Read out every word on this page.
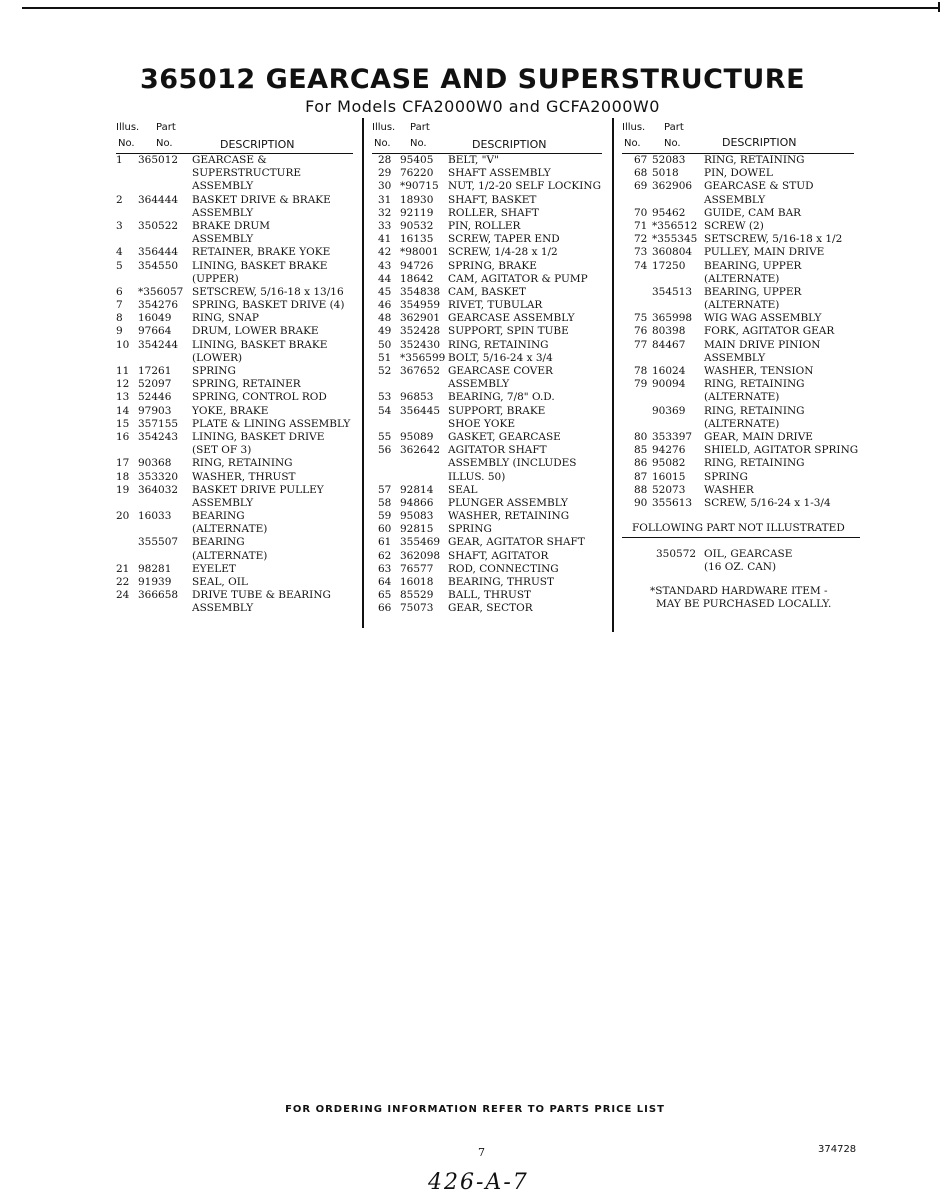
365012 GEARCASE AND SUPERSTRUCTURE
For Models CFA2000W0 and GCFA2000W0
Illus. Part
No. No.	DESCRIPTION
1 365012 GEARCASE &
SUPERSTRUCTURE
ASSEMBLY
2 364444 BASKET DRIVE & BRAKE
ASSEMBLY
3 350522 BRAKE DRUM
ASSEMBLY
4 356444 RETAINER, BRAKE YOKE
5 354550 LINING, BASKET BRAKE
(UPPER)
6 *356057 SETSCREW, 5/16-18 x 13/16
7 354276 SPRING, BASKET DRIVE (4)
8 16049 RING, SNAP
9 97664 DRUM, LOWER BRAKE
10 354244 LINING, BASKET BRAKE
(LOWER)
11 17261 SPRING
12 52097 SPRING, RETAINER
13 52446 SPRING, CONTROL ROD
14 97903 YOKE, BRAKE
15 357155 PLATE & LINING ASSEMBLY
16 354243 LINING, BASKET DRIVE
(SET OF 3)
17 90368 RING, RETAINING
18 353320 WASHER, THRUST
19 364032 BASKET DRIVE PULLEY
ASSEMBLY
20 16033 BEARING
(ALTERNATE)
355507 BEARING
(ALTERNATE)
21 98281 EYELET
22 91939 SEAL, OIL
24 366658 DRIVE TUBE & BEARING
ASSEMBLY
Illus. Part
No. No.	DESCRIPTION
28 95405 BELT, "V"
29 76220 SHAFT ASSEMBLY
30 *90715 NUT, 1/2-20 SELF LOCKING
31 18930 SHAFT, BASKET
32 92119 ROLLER, SHAFT
33 90532 PIN, ROLLER
41 16135 SCREW, TAPER END
42 *98001 SCREW, 1/4-28 x 1/2
43 94726 SPRING, BRAKE
44 18642 CAM, AGITATOR & PUMP
45 354838 CAM, BASKET
46 354959 RIVET, TUBULAR
48 362901 GEARCASE ASSEMBLY
49 352428 SUPPORT, SPIN TUBE
50 352430 RING, RETAINING
51 *356599 BOLT, 5/16-24 x 3/4
52 367652 GEARCASE COVER
ASSEMBLY
53 96853 BEARING, 7/8" O.D.
54 356445 SUPPORT, BRAKE
SHOE YOKE
55 95089 GASKET, GEARCASE
56 362642 AGITATOR SHAFT
ASSEMBLY (INCLUDES
ILLUS. 50)
57 92814 SEAL
58 94866 PLUNGER ASSEMBLY
59 95083 WASHER, RETAINING
60 92815 SPRING
61 355469 GEAR, AGITATOR SHAFT
62 362098 SHAFT, AGITATOR
63 76577 ROD, CONNECTING
64 16018 BEARING, THRUST
65 85529 BALL, THRUST
66 75073 GEAR, SECTOR
Illus. Part
No. No.	DESCRIPTION
67 52083 RING, RETAINING
68 5018 PIN, DOWEL
69 362906 GEARCASE & STUD
ASSEMBLY
70 95462 GUIDE, CAM BAR
71 *356512 SCREW (2)
72 *355345 SETSCREW, 5/16-18 x 1/2
73 360804 PULLEY, MAIN DRIVE
74 17250 BEARING, UPPER
(ALTERNATE)
354513 BEARING, UPPER
(ALTERNATE)
75 365998 WIG WAG ASSEMBLY
76 80398 FORK, AGITATOR GEAR
77 84467 MAIN DRIVE PINION
ASSEMBLY
78 16024 WASHER, TENSION
79 90094 RING, RETAINING
(ALTERNATE)
90369 RING, RETAINING
(ALTERNATE)
80 353397 GEAR, MAIN DRIVE
85 94276 SHIELD, AGITATOR SPRING
86 95082 RING, RETAINING
87 16015 SPRING
88 52073 WASHER
90 355613 SCREW, 5/16-24 x 1-3/4
FOLLOWING PART NOT ILLUSTRATED
350572 OIL, GEARCASE
(16 OZ. CAN)
*STANDARD HARDWARE ITEM -
MAY BE PURCHASED LOCALLY.
FOR ORDERING INFORMATION REFER TO PARTS PRICE LIST
7	374728
426-A-7
